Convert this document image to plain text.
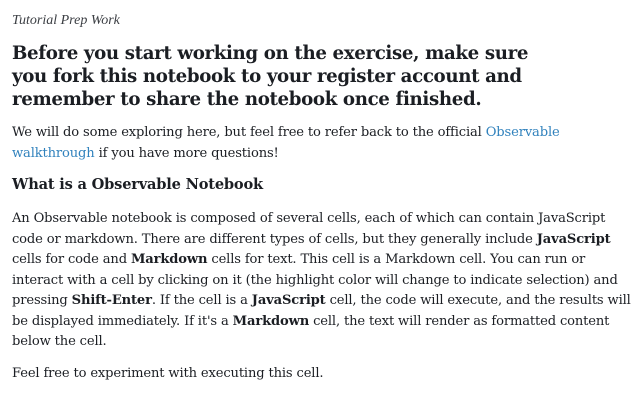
Tutorial Prep Work
Before you start working on the exercise, make sure you fork this notebook to your register account and remember to share the notebook once finished.

We will do some exploring here, but feel free to refer back to the official Observable walkthrough if you have more questions!

What is a Observable Notebook

An Observable notebook is composed of several cells, each of which can contain JavaScript code or markdown. There are different types of cells, but they generally include JavaScript cells for code and Markdown cells for text. This cell is a Markdown cell. You can run or interact with a cell by clicking on it (the highlight color will change to indicate selection) and pressing Shift-Enter. If the cell is a JavaScript cell, the code will execute, and the results will be displayed immediately. If it's a Markdown cell, the text will render as formatted content below the cell.

Feel free to experiment with executing this cell.
